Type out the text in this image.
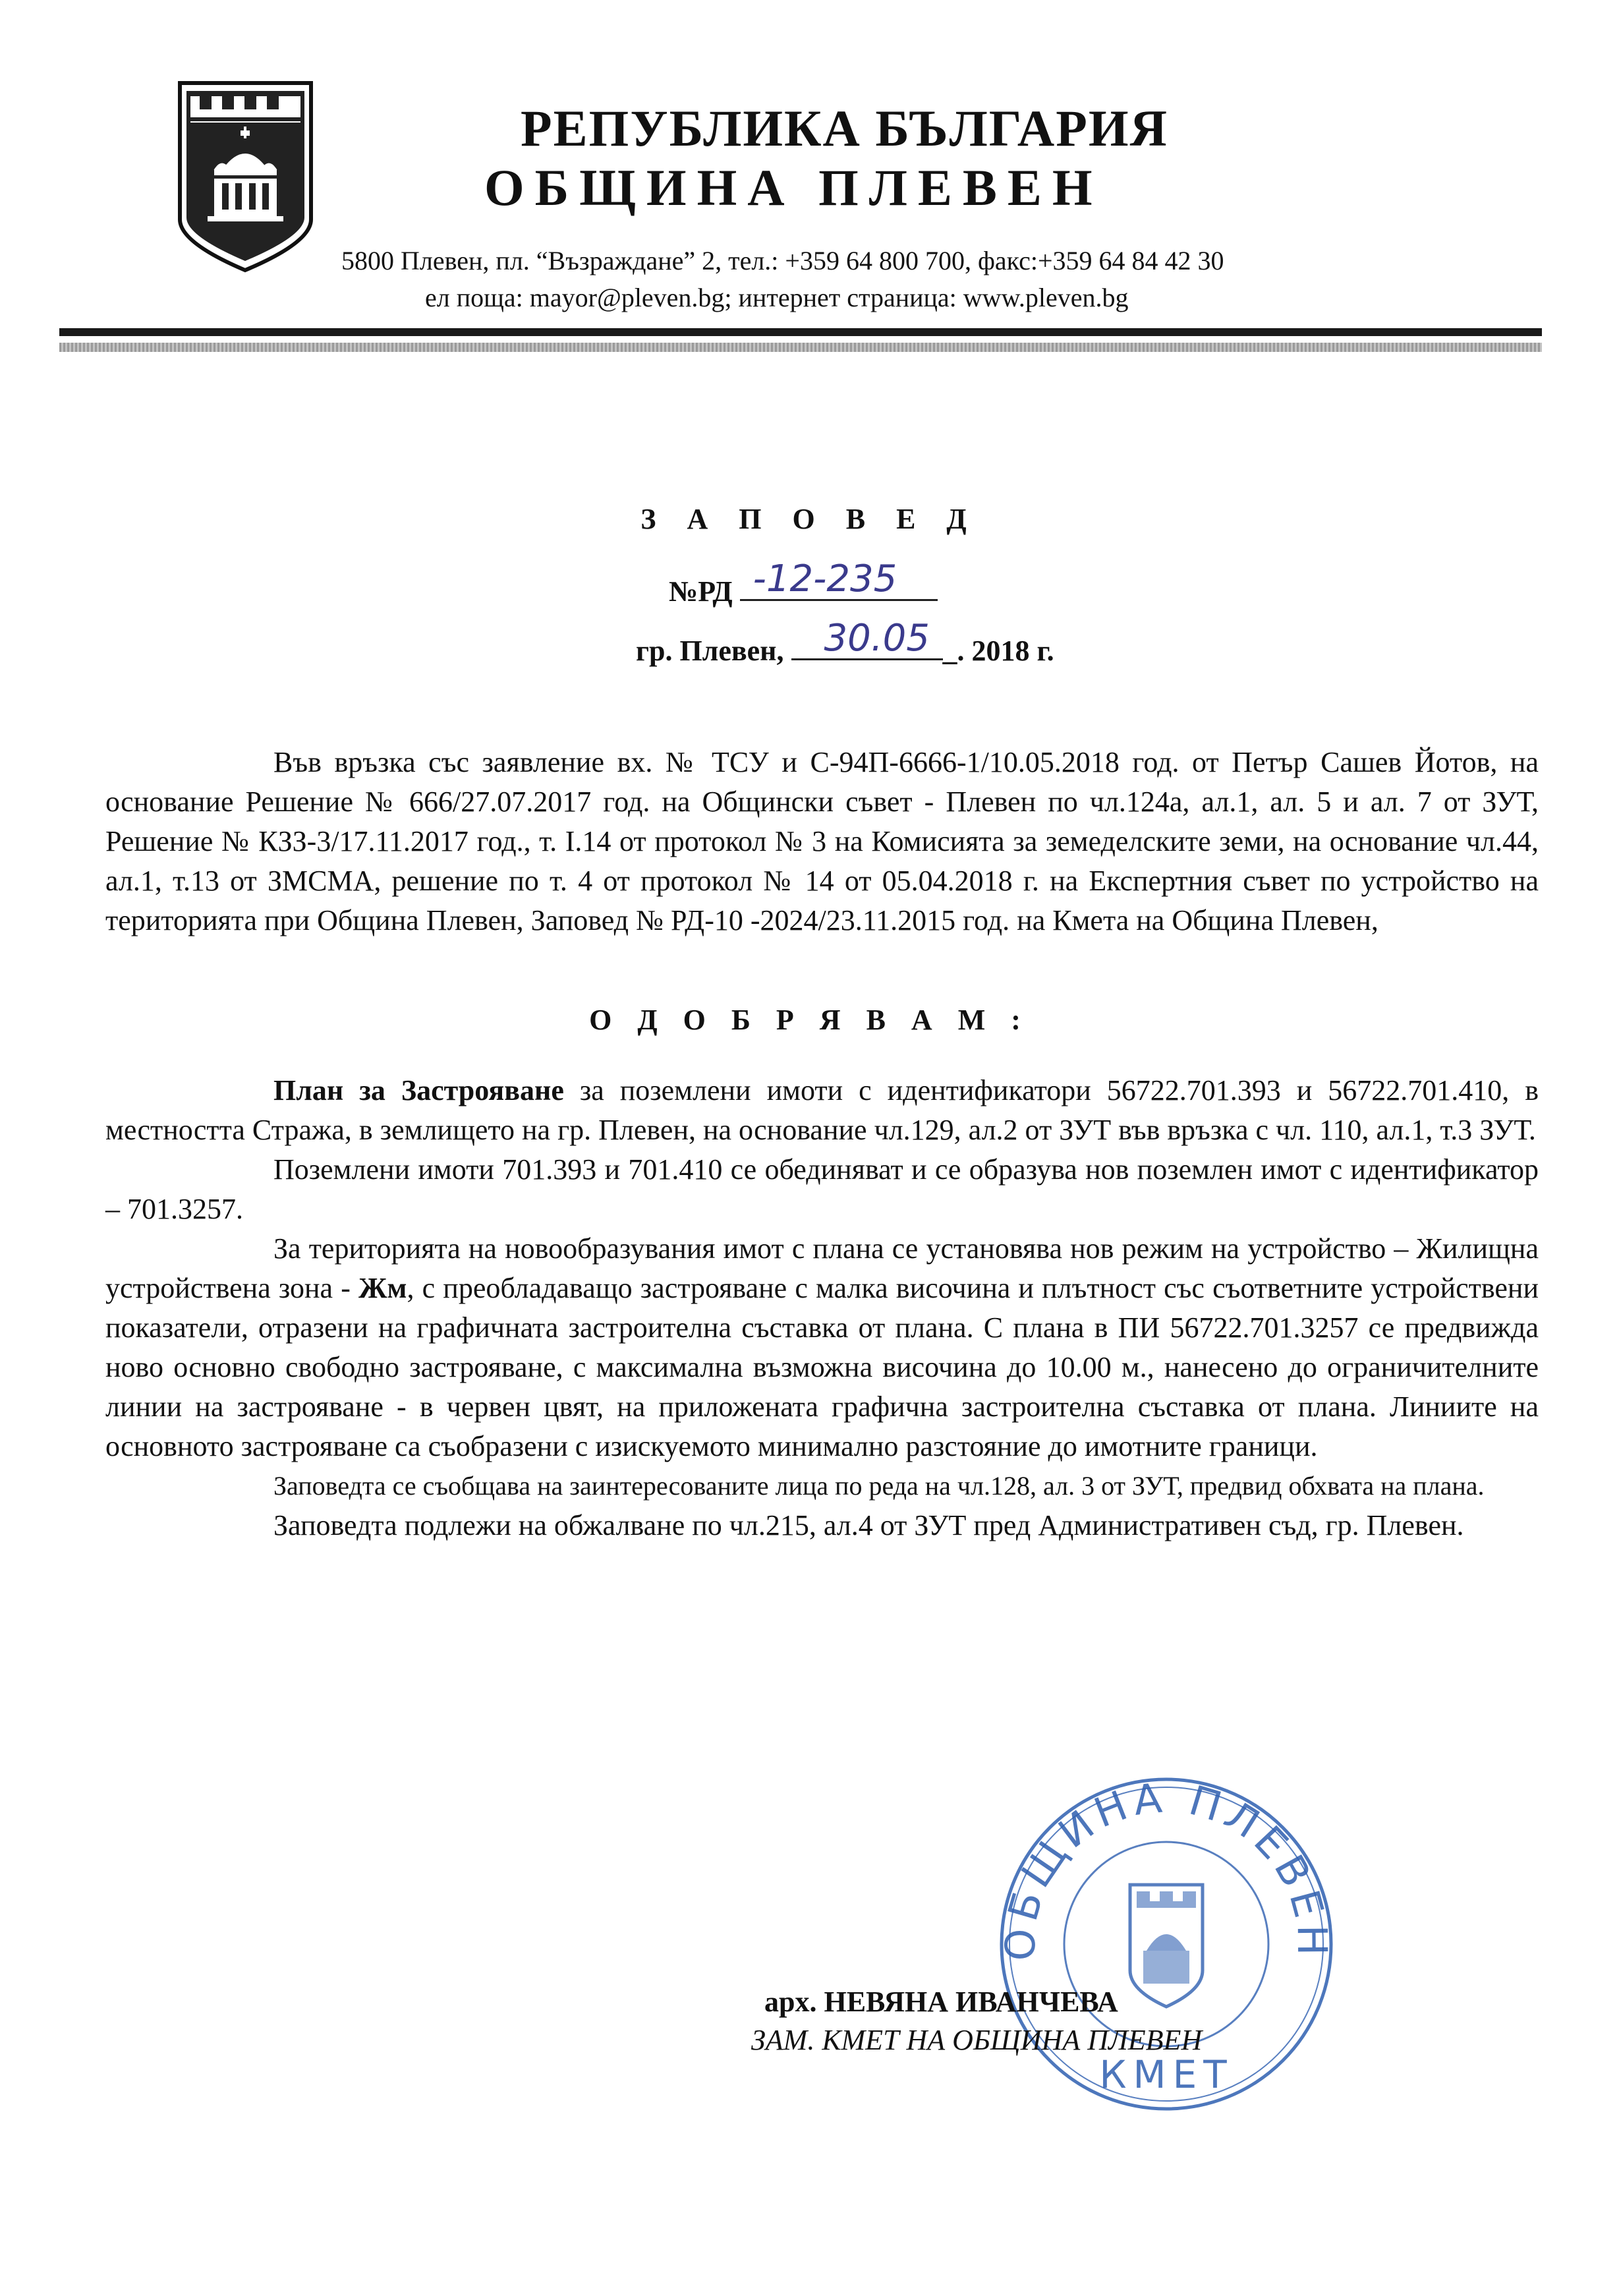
РЕПУБЛИКА БЪЛГАРИЯ
ОБЩИНА ПЛЕВЕН
5800 Плевен, пл. “Възраждане” 2, тел.: +359 64 800 700, факс:+359 64 84 42 30
ел поща: mayor@pleven.bg; интернет страница: www.pleven.bg
З А П О В Е Д
№РД -12-235
гр. Плевен, 30.05 _. 2018 г.

Във връзка със заявление вх. № ТСУ и С-94П-6666-1/10.05.2018 год. от Петър Сашев Йотов, на основание Решение № 666/27.07.2017 год. на Общински съвет - Плевен по чл.124а, ал.1, ал. 5 и ал. 7 от ЗУТ, Решение № КЗЗ-3/17.11.2017 год., т. I.14 от протокол № 3 на Комисията за земеделските земи, на основание чл.44, ал.1, т.13 от ЗМСМА, решение по т. 4 от протокол № 14 от 05.04.2018 г. на Експертния съвет по устройство на територията при Община Плевен, Заповед № РД-10 -2024/23.11.2015 год. на Кмета на Община Плевен,

О Д О Б Р Я В А М :

План за Застрояване за поземлени имоти с идентификатори 56722.701.393 и 56722.701.410, в местността Стража, в землището на гр. Плевен, на основание чл.129, ал.2 от ЗУТ във връзка с чл. 110, ал.1, т.3 ЗУТ.

Поземлени имоти 701.393 и 701.410 се обединяват и се образува нов поземлен имот с идентификатор – 701.3257.

За територията на новообразувания имот с плана се установява нов режим на устройство – Жилищна устройствена зона - Жм, с преобладаващо застрояване с малка височина и плътност със съответните устройствени показатели, отразени на графичната застроителна съставка от плана. С плана в ПИ 56722.701.3257 се предвижда ново основно свободно застрояване, с максимална възможна височина до 10.00 м., нанесено до ограничителните линии на застрояване - в червен цвят, на приложената графична застроителна съставка от плана. Линиите на основното застрояване са съобразени с изискуемото минимално разстояние до имотните граници.

Заповедта се съобщава на заинтересованите лица по реда на чл.128, ал. 3 от ЗУТ, предвид обхвата на плана.

Заповедта подлежи на обжалване по чл.215, ал.4 от ЗУТ пред Административен съд, гр. Плевен.

ОБЩИНА ПЛЕВЕН
КМЕТ
арх. НЕВЯНА ИВАНЧЕВА
ЗАМ. КМЕТ НА ОБЩИНА ПЛЕВЕН
